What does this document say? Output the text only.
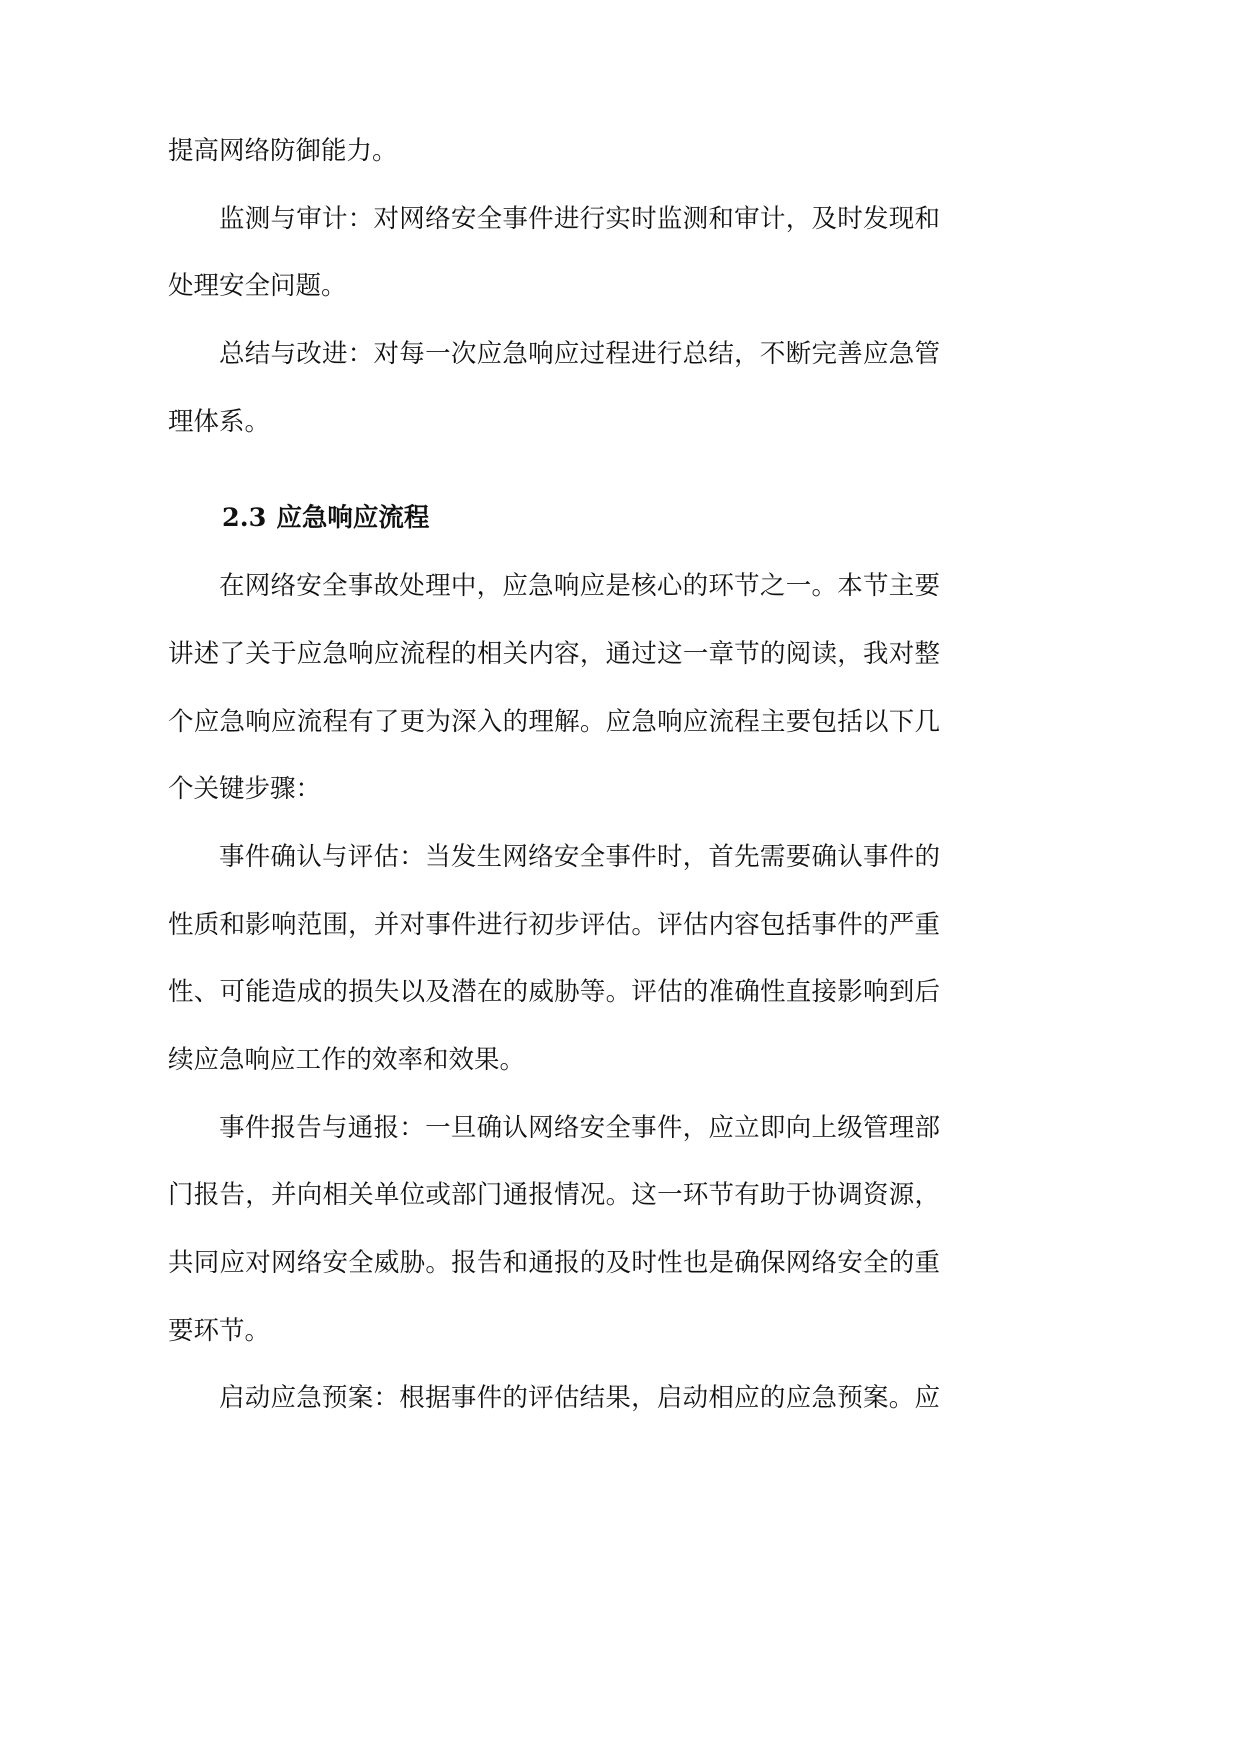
提高网络防御能力。
监测与审计：对网络安全事件进行实时监测和审计，及时发现和
处理安全问题。
总结与改进：对每一次应急响应过程进行总结，不断完善应急管
理体系。
2.3 应急响应流程
在网络安全事故处理中，应急响应是核心的环节之一。本节主要
讲述了关于应急响应流程的相关内容，通过这一章节的阅读，我对整
个应急响应流程有了更为深入的理解。应急响应流程主要包括以下几
个关键步骤：
事件确认与评估：当发生网络安全事件时，首先需要确认事件的
性质和影响范围，并对事件进行初步评估。评估内容包括事件的严重
性、可能造成的损失以及潜在的威胁等。评估的准确性直接影响到后
续应急响应工作的效率和效果。
事件报告与通报：一旦确认网络安全事件，应立即向上级管理部
门报告，并向相关单位或部门通报情况。这一环节有助于协调资源，
共同应对网络安全威胁。报告和通报的及时性也是确保网络安全的重
要环节。
启动应急预案：根据事件的评估结果，启动相应的应急预案。应
